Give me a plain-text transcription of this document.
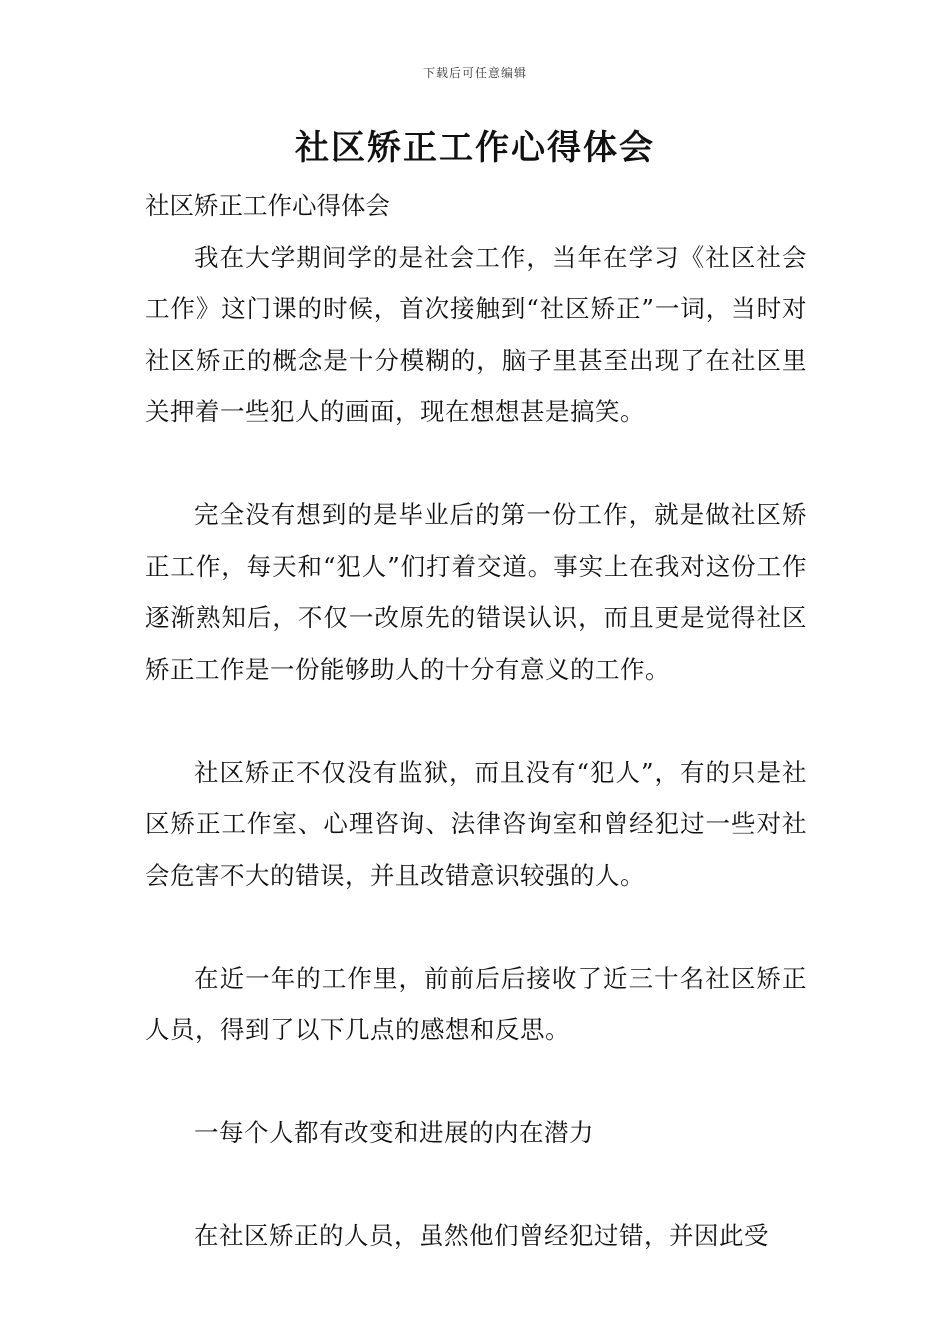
下载后可任意编辑
社区矫正工作心得体会

社区矫正工作心得体会

我在大学期间学的是社会工作，当年在学习《社区社会工作》这门课的时候，首次接触到“社区矫正”一词，当时对社区矫正的概念是十分模糊的，脑子里甚至出现了在社区里关押着一些犯人的画面，现在想想甚是搞笑。

完全没有想到的是毕业后的第一份工作，就是做社区矫正工作，每天和“犯人”们打着交道。事实上在我对这份工作逐渐熟知后，不仅一改原先的错误认识，而且更是觉得社区矫正工作是一份能够助人的十分有意义的工作。

社区矫正不仅没有监狱，而且没有“犯人”，有的只是社区矫正工作室、心理咨询、法律咨询室和曾经犯过一些对社会危害不大的错误，并且改错意识较强的人。

在近一年的工作里，前前后后接收了近三十名社区矫正人员，得到了以下几点的感想和反思。

一每个人都有改变和进展的内在潜力

在社区矫正的人员，虽然他们曾经犯过错，并因此受
